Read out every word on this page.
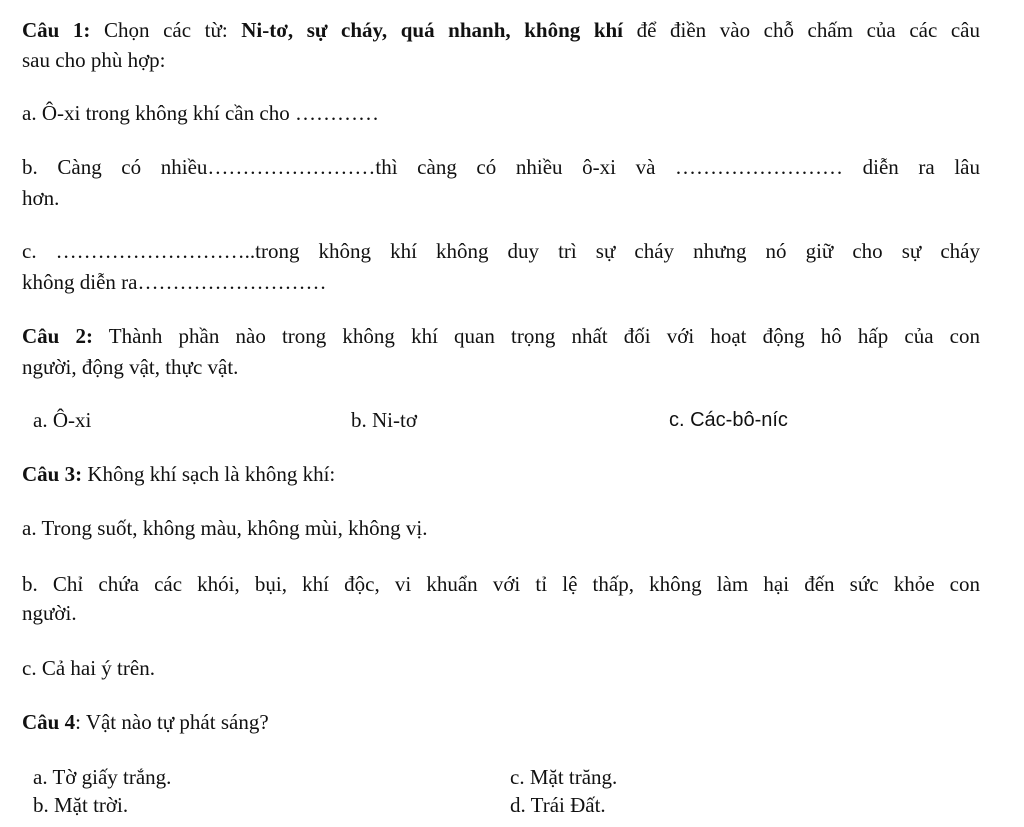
Câu 1: Chọn các từ: Ni-tơ, sự cháy, quá nhanh, không khí để điền vào chỗ chấm của các câu
sau cho phù hợp:
a. Ô-xi trong không khí cần cho …………
b. Càng có nhiều……………………thì càng có nhiều ô-xi và …………………… diễn ra lâu
hơn.
c. ………………………..trong không khí không duy trì sự cháy nhưng nó giữ cho sự cháy
không diễn ra………………………
Câu 2: Thành phần nào trong không khí quan trọng nhất đối với hoạt động hô hấp của con
người, động vật, thực vật.
a. Ô-xi	b. Ni-tơ	c. Các-bô-níc
Câu 3: Không khí sạch là không khí:
a. Trong suốt, không màu, không mùi, không vị.
b. Chỉ chứa các khói, bụi, khí độc, vi khuẩn với tỉ lệ thấp, không làm hại đến sức khỏe con
người.
c. Cả hai ý trên.
Câu 4: Vật nào tự phát sáng?
a. Tờ giấy trắng.	c. Mặt trăng.
b. Mặt trời.	d. Trái Đất.
